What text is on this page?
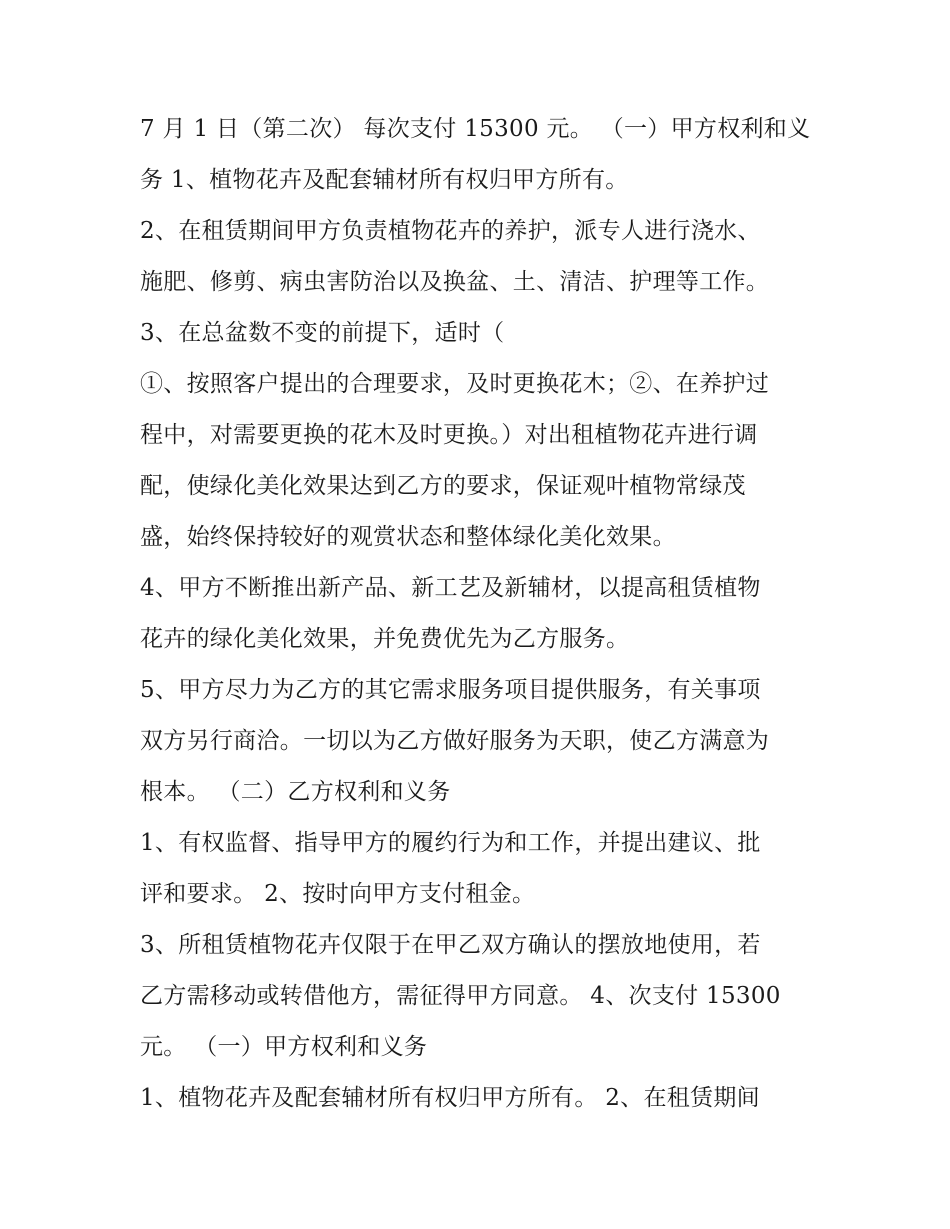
7 月 1 日（第二次） 每次支付 15300 元。 （一）甲方权利和义
务 1、植物花卉及配套辅材所有权归甲方所有。
2、在租赁期间甲方负责植物花卉的养护，派专人进行浇水、
施肥、修剪、病虫害防治以及换盆、土、清洁、护理等工作。
3、在总盆数不变的前提下，适时（
①、按照客户提出的合理要求，及时更换花木；②、在养护过
程中，对需要更换的花木及时更换。）对出租植物花卉进行调
配，使绿化美化效果达到乙方的要求，保证观叶植物常绿茂
盛，始终保持较好的观赏状态和整体绿化美化效果。
4、甲方不断推出新产品、新工艺及新辅材，以提高租赁植物
花卉的绿化美化效果，并免费优先为乙方服务。
5、甲方尽力为乙方的其它需求服务项目提供服务，有关事项
双方另行商洽。一切以为乙方做好服务为天职，使乙方满意为
根本。 （二）乙方权利和义务
1、有权监督、指导甲方的履约行为和工作，并提出建议、批
评和要求。 2、按时向甲方支付租金。
3、所租赁植物花卉仅限于在甲乙双方确认的摆放地使用，若
乙方需移动或转借他方，需征得甲方同意。 4、次支付 15300
元。 （一）甲方权利和义务
1、植物花卉及配套辅材所有权归甲方所有。 2、在租赁期间
